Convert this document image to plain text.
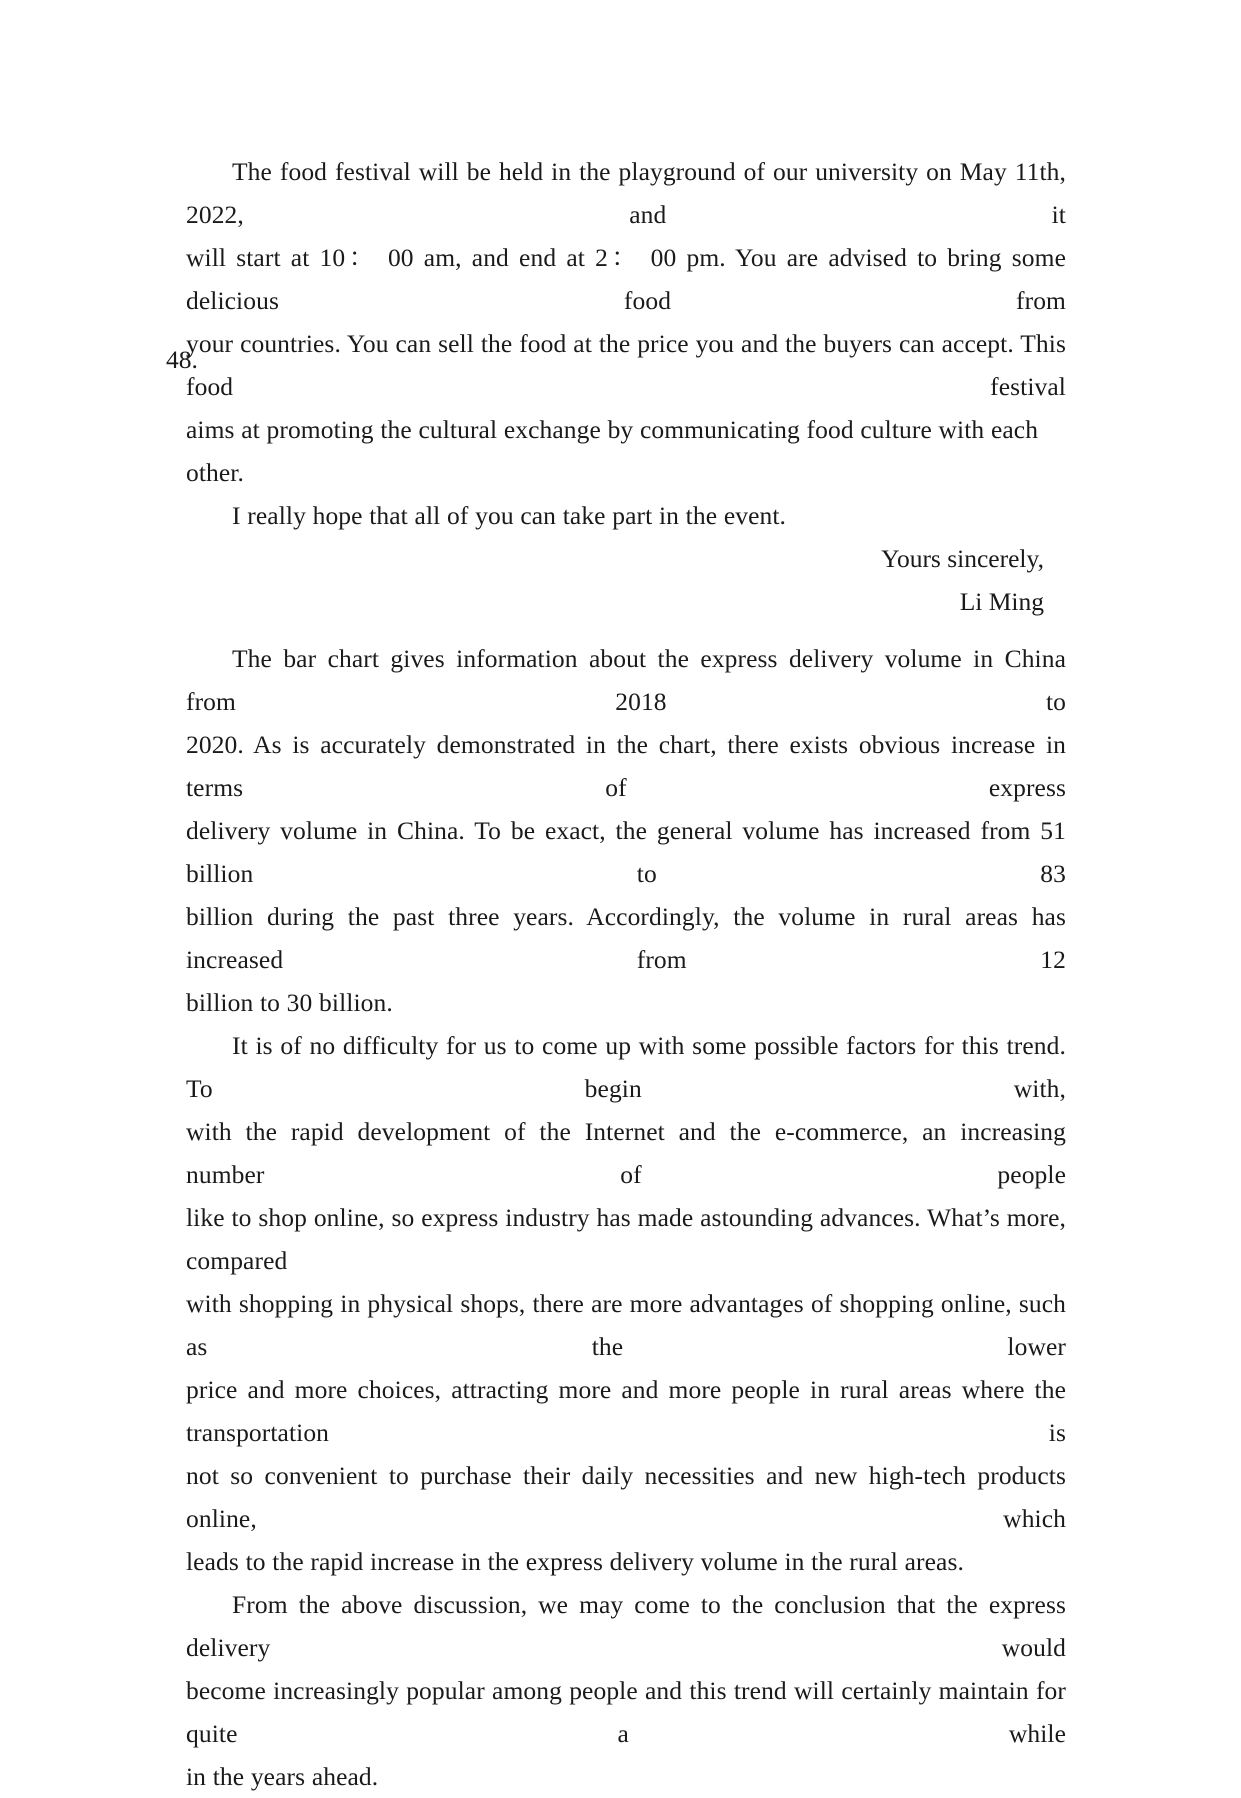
The food festival will be held in the playground of our university on May 11th, 2022, and it
will start at 10： 00 am, and end at 2： 00 pm. You are advised to bring some delicious food from
your countries. You can sell the food at the price you and the buyers can accept. This food festival
aims at promoting the cultural exchange by communicating food culture with each other.

I really hope that all of you can take part in the event.

Yours sincerely,

Li Ming

The bar chart gives information about the express delivery volume in China from 2018 to
2020. As is accurately demonstrated in the chart, there exists obvious increase in terms of express
delivery volume in China. To be exact, the general volume has increased from 51 billion to 83
billion during the past three years. Accordingly, the volume in rural areas has increased from 12
billion to 30 billion.

It is of no difficulty for us to come up with some possible factors for this trend. To begin with,
with the rapid development of the Internet and the e-commerce, an increasing number of people
like to shop online, so express industry has made astounding advances. What’s more, compared
with shopping in physical shops, there are more advantages of shopping online, such as the lower
price and more choices, attracting more and more people in rural areas where the transportation is
not so convenient to purchase their daily necessities and new high-tech products online, which
leads to the rapid increase in the express delivery volume in the rural areas.

From the above discussion, we may come to the conclusion that the express delivery would
become increasingly popular among people and this trend will certainly maintain for quite a while
in the years ahead.

48.
